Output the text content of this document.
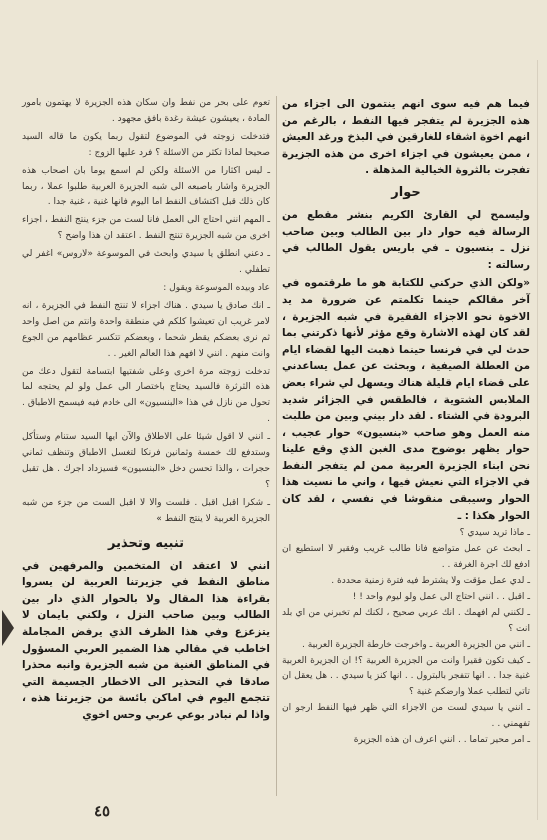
فيما هم فيه سوى انهم ينتمون الى اجزاء من هذه الجزيرة لم يتفجر فيها النفط ، بالرغم من انهم اخوة اشقاء للغارقين في البذخ ورغد العيش ، ممن يعيشون في اجزاء اخرى من هذه الجزيرة تفجرت بالثروة الخيالية المذهلة .

حوار

وليسمح لي القارئ الكريم بنشر مقطع من الرسالة فيه حوار دار بين الطالب وبين صاحب نزل ـ بنسيون ـ في باريس يقول الطالب في رسالته :

«ولكن الذي حركني للكتابة هو ما طرقتموه في آخر مقالكم حينما تكلمتم عن ضرورة مد يد الاخوة نحو الاجزاء الفقيرة في شبه الجزيرة ، لقد كان لهذه الاشارة وقع مؤثر لأنها ذكرتني بما حدث لي في فرنسا حينما ذهبت اليها لقضاء ايام من العطلة الصيفية ، وبحثت عن عمل يساعدني على قضاء ايام قليلة هناك ويسهل لي شراء بعض الملابس الشتوية ، فالطقس في الجزائر شديد البرودة في الشتاء . لقد دار بيني وبين من طلبت منه العمل وهو صاحب «بنسيون» حوار عجيب ، حوار يظهر بوضوح مدى الغبن الذي وقع علينا نحن ابناء الجزيرة العربية ممن لم يتفجر النفط في الاجزاء التي نعيش فيها ، واني ما نسيت هذا الحوار وسيبقى منقوشا في نفسي ، لقد كان الحوار هكذا : ـ

ـ ماذا تريد سيدي ؟

ـ ابحث عن عمل متواضع فانا طالب غريب وفقير لا استطيع ان ادفع لك اجرة الغرفة . .

ـ لدي عمل مؤقت ولا يشترط فيه فترة زمنية محددة .

ـ اقبل . . انني احتاج الى عمل ولو ليوم واحد ! !

ـ لكنني لم افهمك . انك عربي صحيح ، لكنك لم تخبرني من اي بلد انت ؟

ـ انني من الجزيرة العربية ـ واخرجت خارطة الجزيرة العربية .

ـ كيف تكون فقيرا وانت من الجزيرة العربية ؟! ان الجزيرة العربية غنية جدا . . انها تتفجر بالبترول . . انها كنز يا سيدي . . هل يعقل ان تاتي لتطلب عملا وارضكم غنية ؟

ـ انني يا سيدي لست من الاجزاء التي ظهر فيها النفط ارجو ان تفهمني . .

ـ امر محير تماما . . انني اعرف ان هذه الجزيرة

تعوم على بحر من نفط وان سكان هذه الجزيرة لا يهتمون بامور المادة ، يعيشون عيشة رغدة بافق مجهود .

فتدخلت زوجته في الموضوع لتقول ربما يكون ما قاله السيد صحيحا لماذا تكثر من الاسئلة ؟ فرد عليها الزوج :

ـ ليس اكثارا من الاسئلة ولكن لم اسمع يوما بان اصحاب هذه الجزيرة واشار باصبعه الى شبه الجزيرة العربية طلبوا عملا ، ربما كان ذلك قبل اكتشاف النفط اما اليوم فانها غنية ، غنية جدا .

ـ المهم انني احتاج الى العمل فانا لست من جزء ينتج النفط ، اجزاء اخرى من شبه الجزيرة تنتج النفط . اعتقد ان هذا واضح ؟

ـ دعني انطلق يا سيدي وابحث في الموسوعة «لاروس» اغفر لي تطفلي .

عاد وبيده الموسوعة ويقول :

ـ انك صادق يا سيدي . هناك اجزاء لا تنتج النفط في الجزيرة ، انه لامر غريب ان تعيشوا كلكم في منطقة واحدة وانتم من اصل واحد ثم نرى بعضكم يقطر شحما ، وبعضكم تتكسر عظامهم من الجوع وانت منهم . انني لا افهم هذا العالم الغير . .

تدخلت زوجته مرة اخرى وعلى شفتيها ابتسامة لتقول دعك من هذه الثرثرة فالسيد يحتاج باختصار الى عمل ولو لم يحتجه لما تحول من نازل في هذا «البنسيون» الى خادم فيه فيسمح الاطباق . .

ـ انني لا اقول شيئا على الاطلاق والآن ايها السيد ستنام وستأكل وستدفع لك خمسة وثمانين فرنكا لتغسل الاطباق وتنظف ثماني حجرات ، والذا تحسن دخل «البنسيون» فسيزداد اجرك . هل تقبل ؟

ـ شكرا اقبل اقبل . فلست والا لا اقبل الست من جزء من شبه الجزيرة العربية لا ينتج النفط »

تنبيه وتحذير

انني لا اعتقد ان المتخمين والمرفهين في مناطق النفط في جزيرتنا العربية لن يسروا بقراءة هذا المقال ولا بالحوار الذي دار بين الطالب وبين صاحب النزل ، ولكني بايمان لا يتزعزع وفي هذا الظرف الذي يرفض المجاملة اخاطب في مقالي هذا الضمير العربي المسؤول في المناطق الغنية من شبه الجزيرة وانبه محذرا صادقا في التحذير الى الاخطار الجسيمة التي تتجمع اليوم في اماكن بائسة من جزيرتنا هذه ، واذا لم نبادر بوعي عربي وحس اخوي

٤٥
